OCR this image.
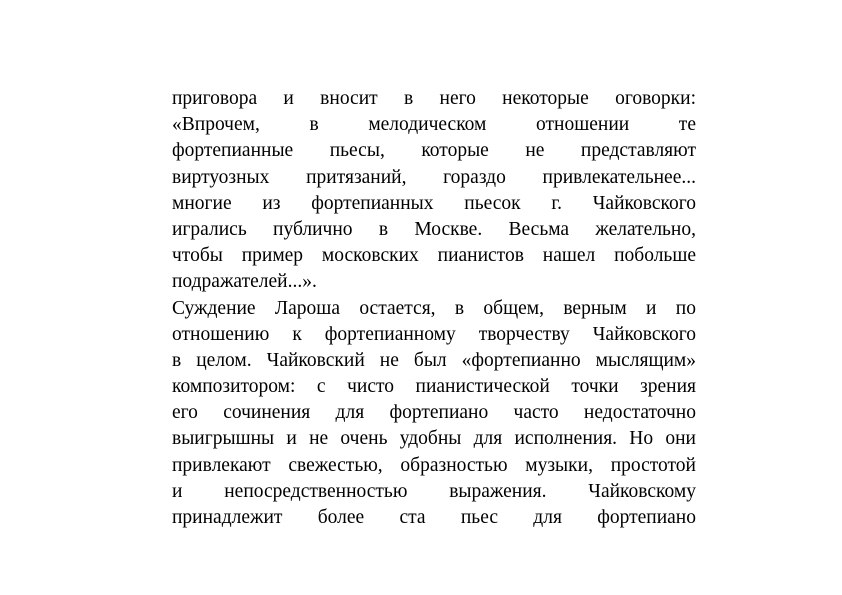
приговора и вносит в него некоторые оговорки:
«Впрочем, в мелодическом отношении те
фортепианные пьесы, которые не представляют
виртуозных притязаний, гораздо привлекательнее...
многие из фортепианных пьесок г. Чайковского
игрались публично в Москве. Весьма желательно,
чтобы пример московских пианистов нашел побольше
подражателей...».
Суждение Лароша остается, в общем, верным и по
отношению к фортепианному творчеству Чайковского
в целом. Чайковский не был «фортепианно мыслящим»
композитором: с чисто пианистической точки зрения
его сочинения для фортепиано часто недостаточно
выигрышны и не очень удобны для исполнения. Но они
привлекают свежестью, образностью музыки, простотой
и непосредственностью выражения. Чайковскому
принадлежит более ста пьес для фортепиано
